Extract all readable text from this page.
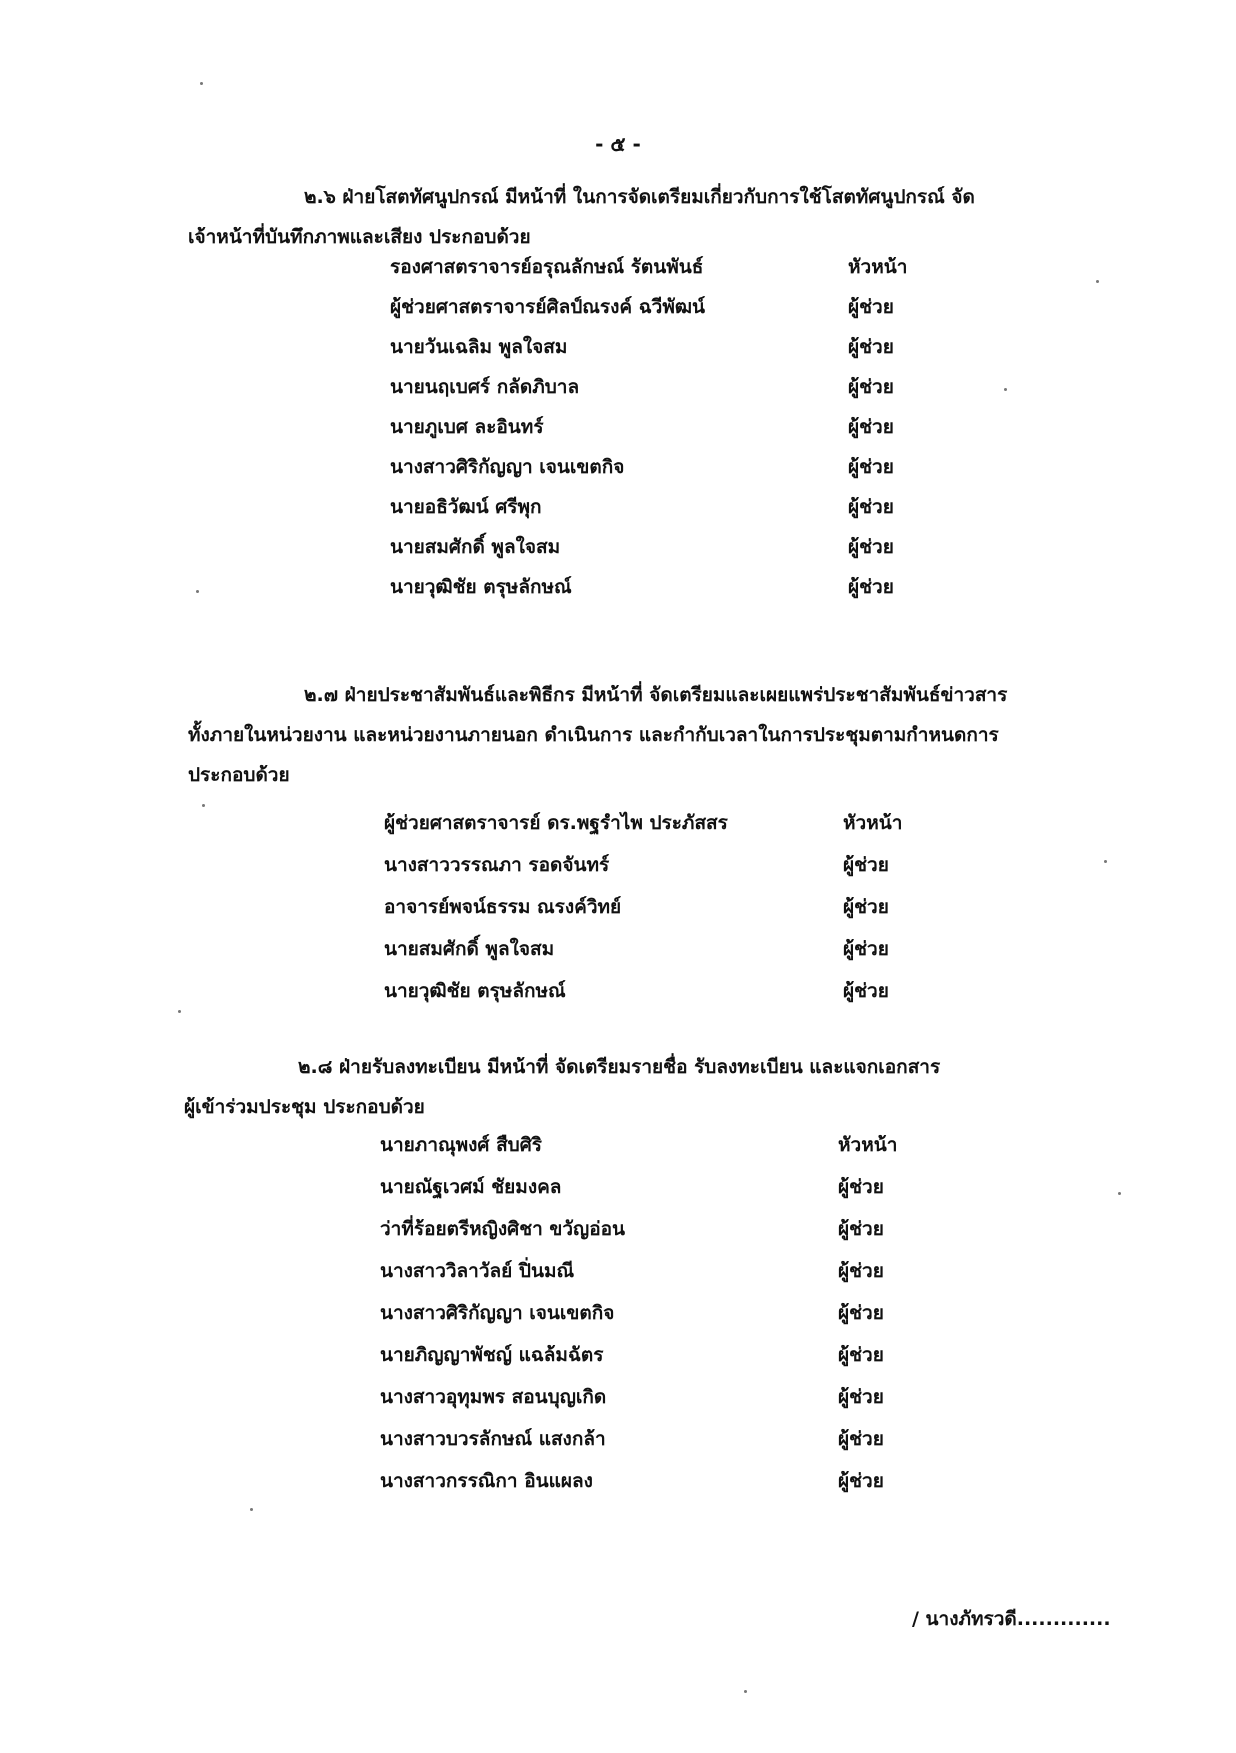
- ๕ -
๒.๖ ฝ่ายโสตทัศนูปกรณ์ มีหน้าที่ ในการจัดเตรียมเกี่ยวกับการใช้โสตทัศนูปกรณ์ จัด
เจ้าหน้าที่บันทึกภาพและเสียง ประกอบด้วย
รองศาสตราจารย์อรุณลักษณ์ รัตนพันธ์	หัวหน้า
ผู้ช่วยศาสตราจารย์ศิลป์ณรงค์ ฉวีพัฒน์	ผู้ช่วย
นายวันเฉลิม พูลใจสม	ผู้ช่วย
นายนฤเบศร์ กลัดภิบาล	ผู้ช่วย
นายภูเบศ ละอินทร์	ผู้ช่วย
นางสาวศิริกัญญา เจนเขตกิจ	ผู้ช่วย
นายอธิวัฒน์ ศรีพุก	ผู้ช่วย
นายสมศักดิ์ พูลใจสม	ผู้ช่วย
นายวุฒิชัย ตรุษลักษณ์	ผู้ช่วย
๒.๗ ฝ่ายประชาสัมพันธ์และพิธีกร มีหน้าที่ จัดเตรียมและเผยแพร่ประชาสัมพันธ์ข่าวสาร
ทั้งภายในหน่วยงาน และหน่วยงานภายนอก ดำเนินการ และกำกับเวลาในการประชุมตามกำหนดการ
ประกอบด้วย
ผู้ช่วยศาสตราจารย์ ดร.พฐรำไพ ประภัสสร	หัวหน้า
นางสาววรรณภา รอดจันทร์	ผู้ช่วย
อาจารย์พจน์ธรรม ณรงค์วิทย์	ผู้ช่วย
นายสมศักดิ์ พูลใจสม	ผู้ช่วย
นายวุฒิชัย ตรุษลักษณ์	ผู้ช่วย
๒.๘ ฝ่ายรับลงทะเบียน มีหน้าที่ จัดเตรียมรายชื่อ รับลงทะเบียน และแจกเอกสาร
ผู้เข้าร่วมประชุม ประกอบด้วย
นายภาณุพงศ์ สืบศิริ	หัวหน้า
นายณัฐเวศม์ ชัยมงคล	ผู้ช่วย
ว่าที่ร้อยตรีหญิงศิชา ขวัญอ่อน	ผู้ช่วย
นางสาววิลาวัลย์ ปิ่นมณี	ผู้ช่วย
นางสาวศิริกัญญา เจนเขตกิจ	ผู้ช่วย
นายภิญญาพัชญ์ แฉล้มฉัตร	ผู้ช่วย
นางสาวอุทุมพร สอนบุญเกิด	ผู้ช่วย
นางสาวบวรลักษณ์ แสงกล้า	ผู้ช่วย
นางสาวกรรณิกา อินแผลง	ผู้ช่วย
/ นางภัทรวดี.............
